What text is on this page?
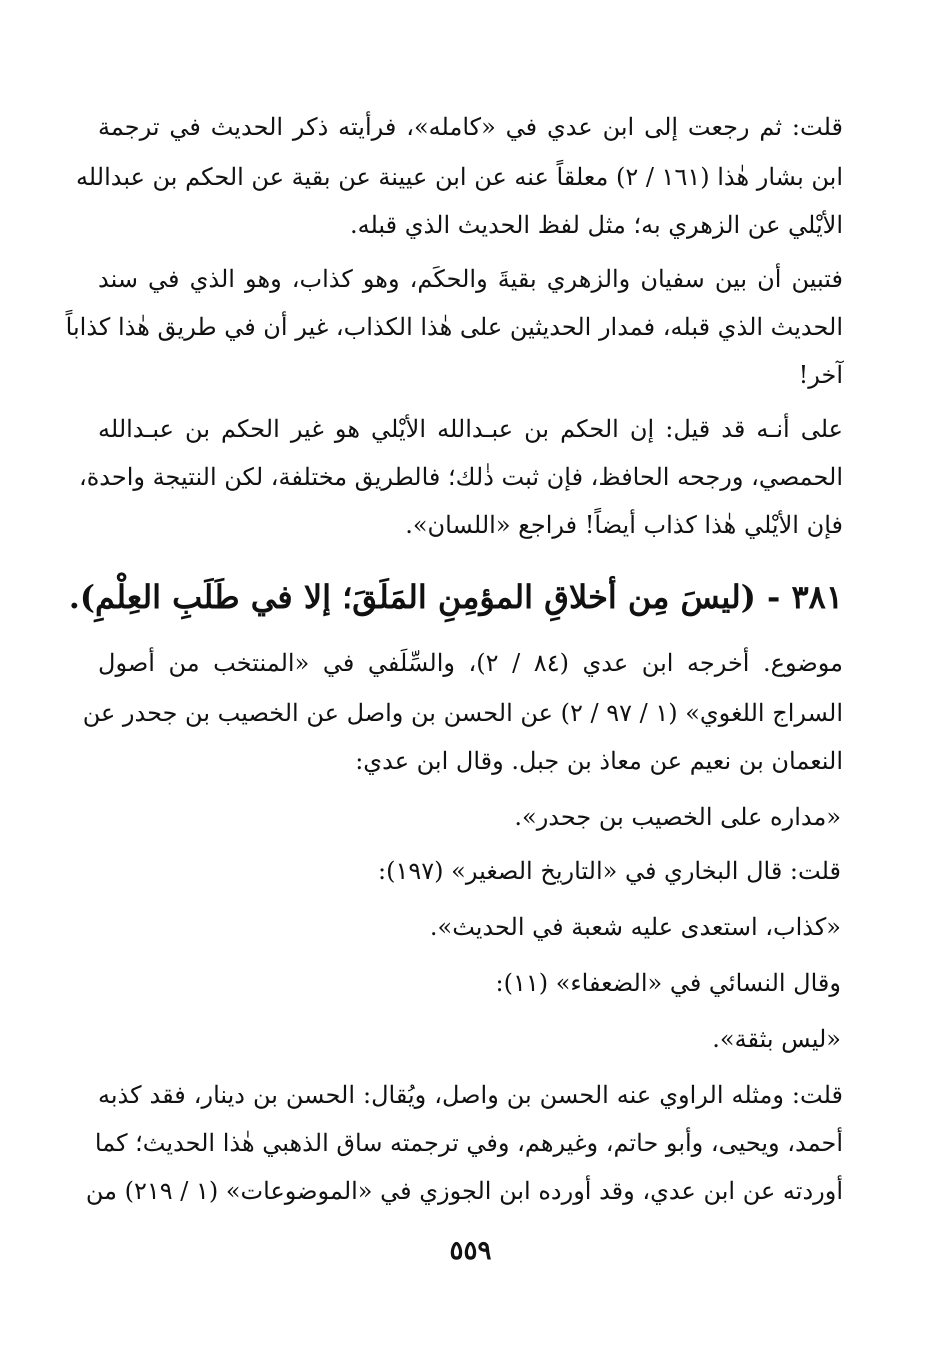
قلت: ثم رجعت إلى ابن عدي في «كامله»، فرأيته ذكر الحديث في ترجمة
ابن بشار هٰذا (١٦١ / ٢) معلقاً عنه عن ابن عيينة عن بقية عن الحكم بن عبدالله
الأيْلي عن الزهري به؛ مثل لفظ الحديث الذي قبله.
فتبين أن بين سفيان والزهري بقيةَ والحكَم، وهو كذاب، وهو الذي في سند
الحديث الذي قبله، فمدار الحديثين على هٰذا الكذاب، غير أن في طريق هٰذا كذاباً
آخر!
على أنـه قد قيل: إن الحكم بن عبـدالله الأيْلي هو غير الحكم بن عبـدالله
الحمصي، ورجحه الحافظ، فإن ثبت ذٰلك؛ فالطريق مختلفة، لكن النتيجة واحدة،
فإن الأيْلي هٰذا كذاب أيضاً! فراجع «اللسان».
٣٨١ - (ليسَ مِن أخلاقِ المؤمِنِ المَلَقَ؛ إلا في طَلَبِ العِلْمِ).
موضوع. أخرجه ابن عدي (٨٤ / ٢)، والسِّلَفي في «المنتخب من أصول
السراج اللغوي» (١ / ٩٧ / ٢) عن الحسن بن واصل عن الخصيب بن جحدر عن
النعمان بن نعيم عن معاذ بن جبل. وقال ابن عدي:
«مداره على الخصيب بن جحدر».
قلت: قال البخاري في «التاريخ الصغير» (١٩٧):
«كذاب، استعدى عليه شعبة في الحديث».
وقال النسائي في «الضعفاء» (١١):
«ليس بثقة».
قلت: ومثله الراوي عنه الحسن بن واصل، ويُقال: الحسن بن دينار، فقد كذبه
أحمد، ويحيى، وأبو حاتم، وغيرهم، وفي ترجمته ساق الذهبي هٰذا الحديث؛ كما
أوردته عن ابن عدي، وقد أورده ابن الجوزي في «الموضوعات» (١ / ٢١٩) من
٥٥٩
